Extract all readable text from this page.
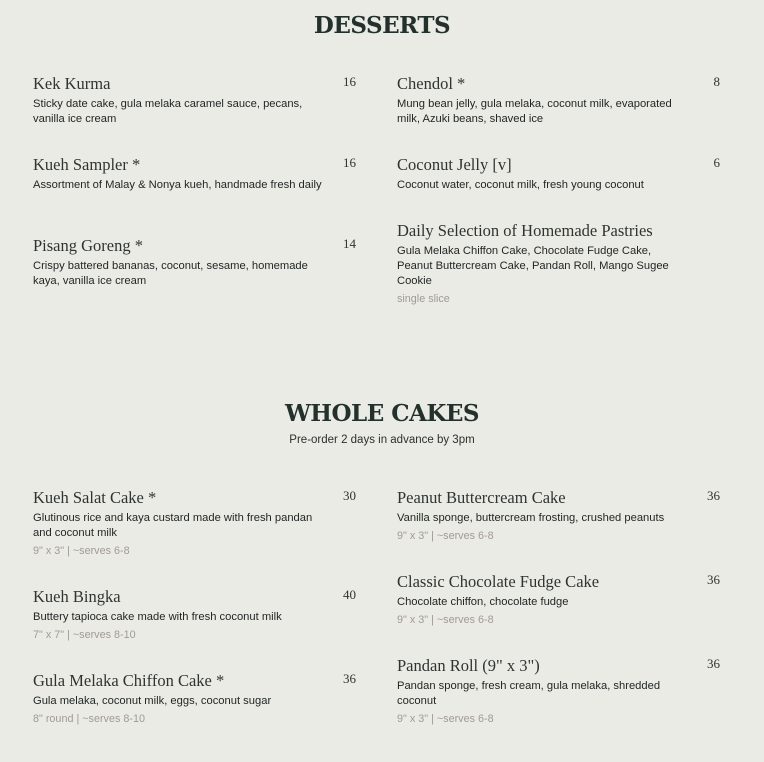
DESSERTS
Kek Kurma	16
Sticky date cake, gula melaka caramel sauce, pecans, vanilla ice cream
Kueh Sampler *	16
Assortment of Malay & Nonya kueh, handmade fresh daily
Pisang Goreng *	14
Crispy battered bananas, coconut, sesame, homemade kaya, vanilla ice cream
Chendol *	8
Mung bean jelly, gula melaka, coconut milk, evaporated milk, Azuki beans, shaved ice
Coconut Jelly [v]	6
Coconut water, coconut milk, fresh young coconut
Daily Selection of Homemade Pastries
Gula Melaka Chiffon Cake, Chocolate Fudge Cake, Peanut Buttercream Cake, Pandan Roll, Mango Sugee Cookie
single slice
WHOLE CAKES
Pre-order 2 days in advance by 3pm
Kueh Salat Cake *	30
Glutinous rice and kaya custard made with fresh pandan and coconut milk
9" x 3" | ~serves 6-8
Kueh Bingka	40
Buttery tapioca cake made with fresh coconut milk
7" x 7" | ~serves 8-10
Gula Melaka Chiffon Cake *	36
Gula melaka, coconut milk, eggs, coconut sugar
8" round | ~serves 8-10
Peanut Buttercream Cake	36
Vanilla sponge, buttercream frosting, crushed peanuts
9" x 3" | ~serves 6-8
Classic Chocolate Fudge Cake	36
Chocolate chiffon, chocolate fudge
9" x 3" | ~serves 6-8
Pandan Roll (9" x 3")	36
Pandan sponge, fresh cream, gula melaka, shredded coconut
9" x 3" | ~serves 6-8
